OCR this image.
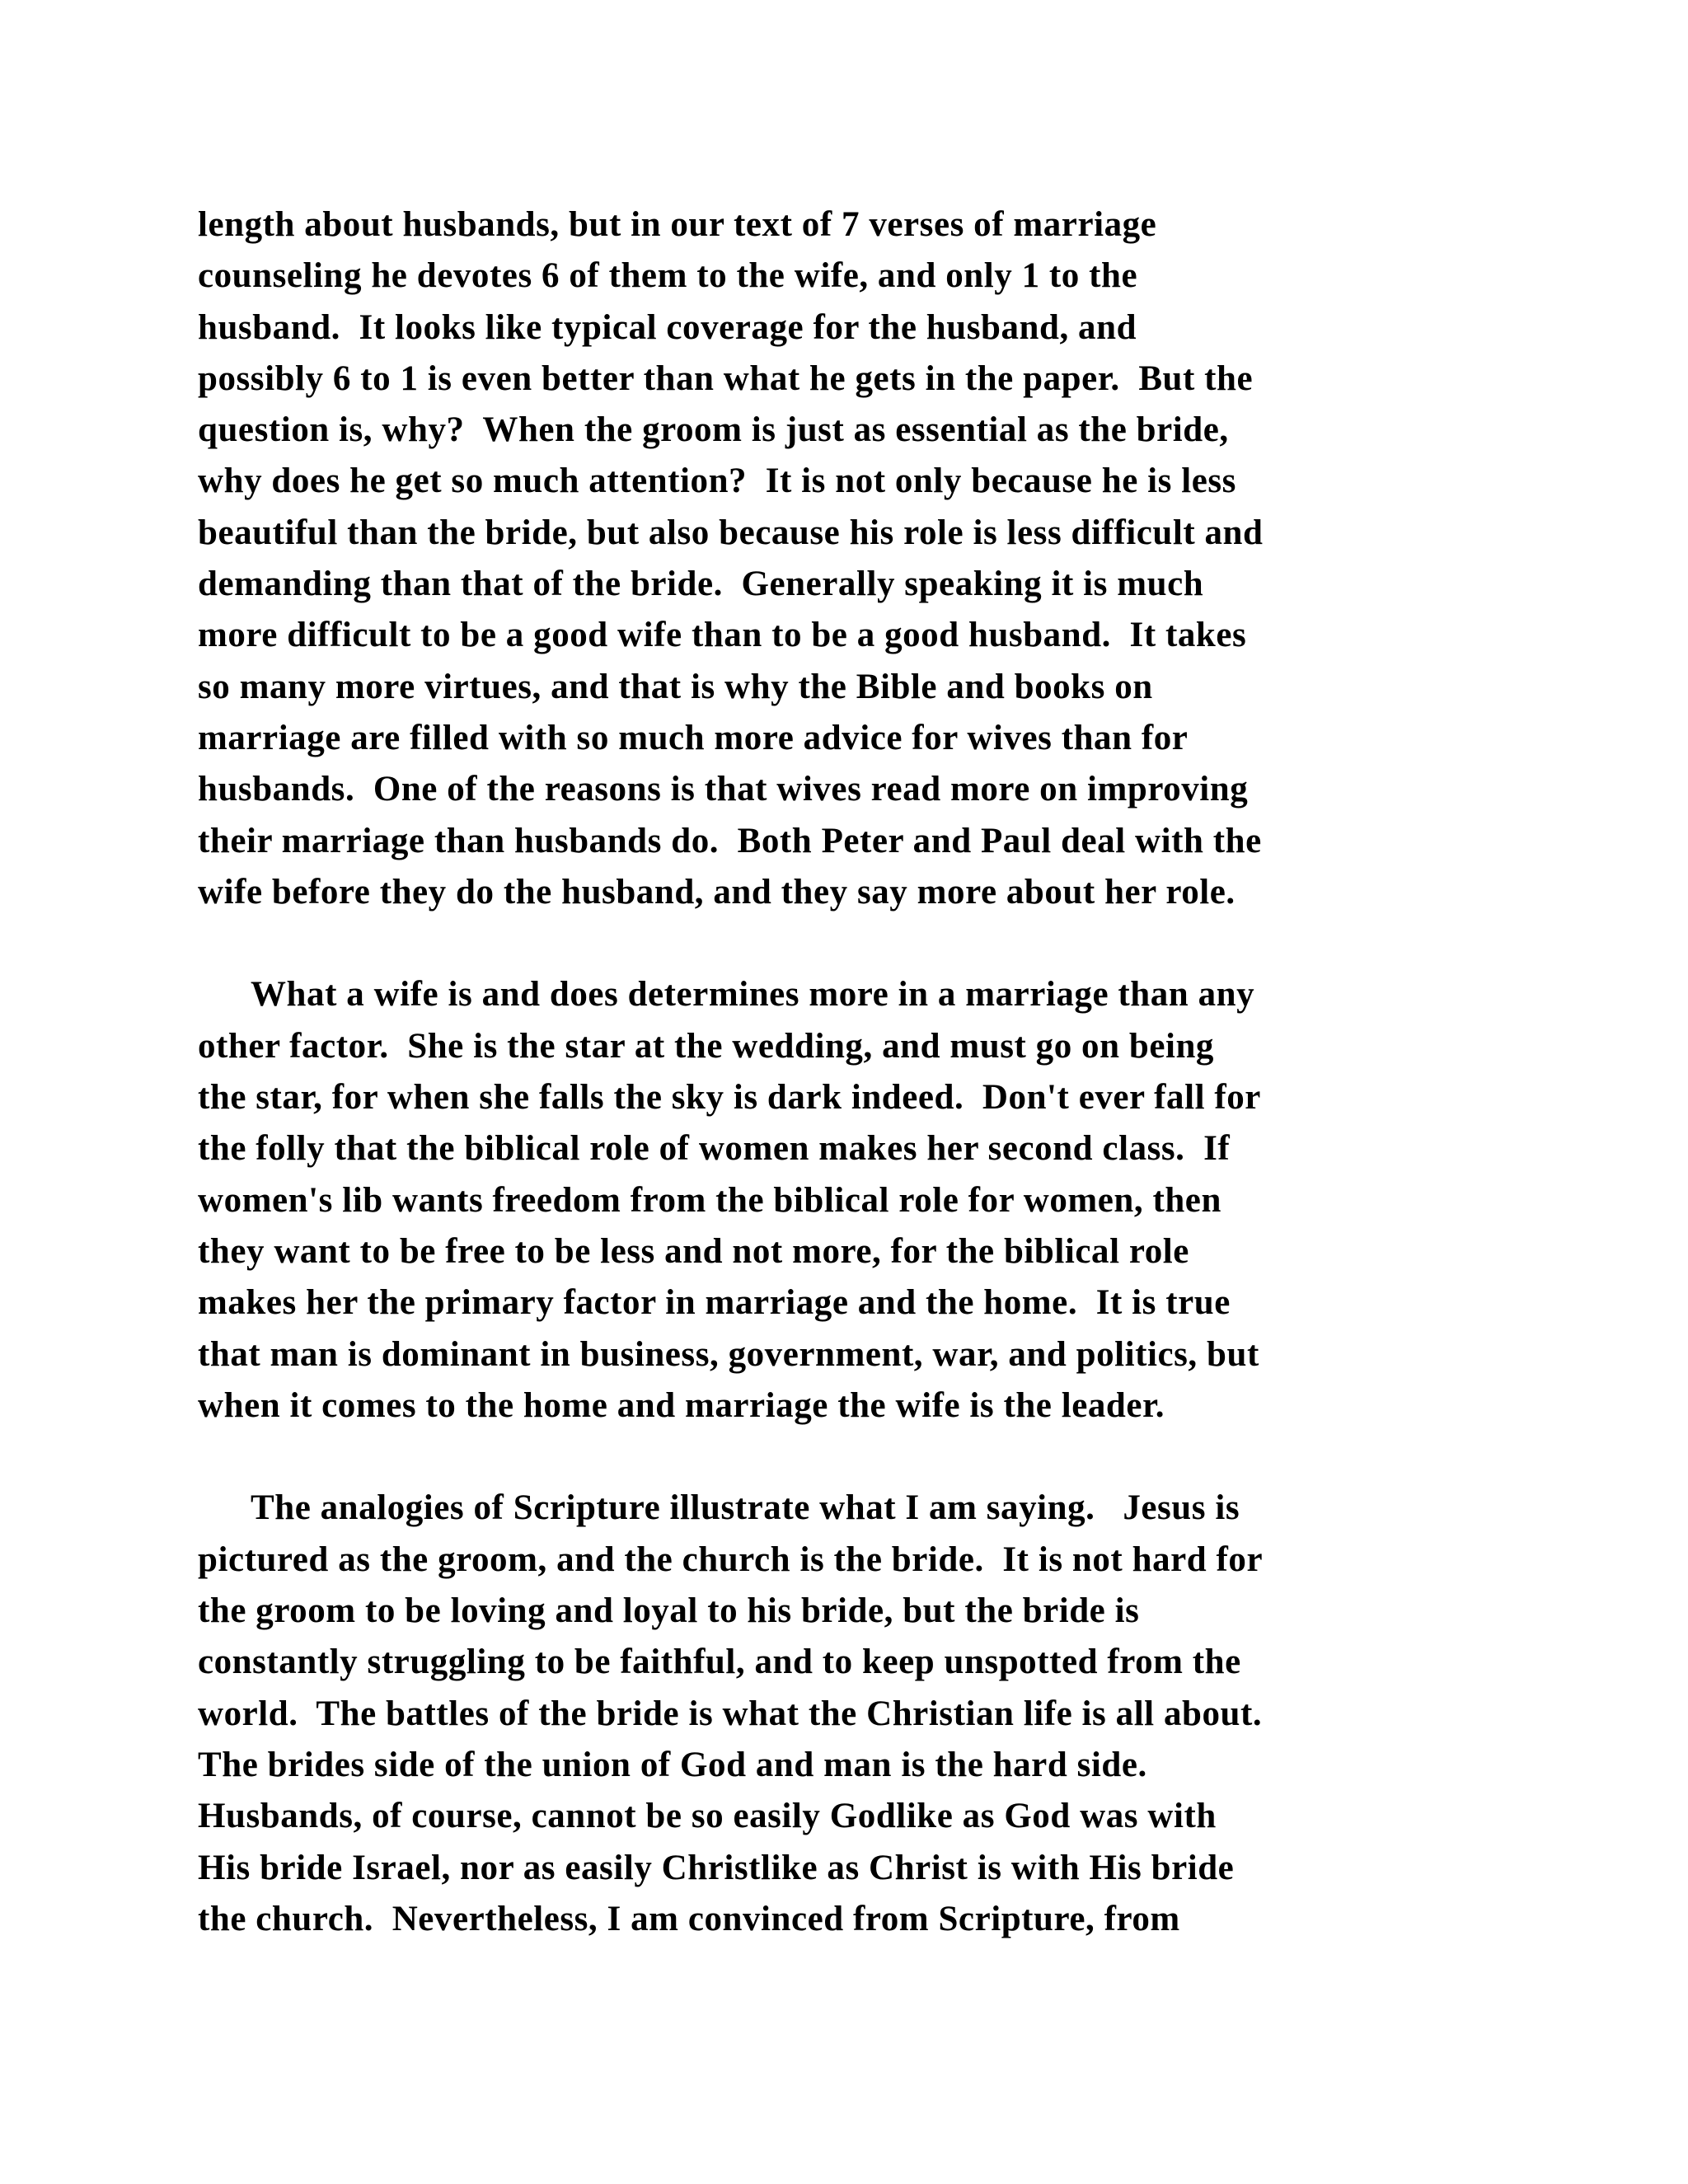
length about husbands, but in our text of 7 verses of marriage
counseling he devotes 6 of them to the wife, and only 1 to the
husband.  It looks like typical coverage for the husband, and
possibly 6 to 1 is even better than what he gets in the paper.  But the
question is, why?  When the groom is just as essential as the bride,
why does he get so much attention?  It is not only because he is less
beautiful than the bride, but also because his role is less difficult and
demanding than that of the bride.  Generally speaking it is much
more difficult to be a good wife than to be a good husband.  It takes
so many more virtues, and that is why the Bible and books on
marriage are filled with so much more advice for wives than for
husbands.  One of the reasons is that wives read more on improving
their marriage than husbands do.  Both Peter and Paul deal with the
wife before they do the husband, and they say more about her role.
What a wife is and does determines more in a marriage than any
other factor.  She is the star at the wedding, and must go on being
the star, for when she falls the sky is dark indeed.  Don't ever fall for
the folly that the biblical role of women makes her second class.  If
women's lib wants freedom from the biblical role for women, then
they want to be free to be less and not more, for the biblical role
makes her the primary factor in marriage and the home.  It is true
that man is dominant in business, government, war, and politics, but
when it comes to the home and marriage the wife is the leader.
The analogies of Scripture illustrate what I am saying.   Jesus is
pictured as the groom, and the church is the bride.  It is not hard for
the groom to be loving and loyal to his bride, but the bride is
constantly struggling to be faithful, and to keep unspotted from the
world.  The battles of the bride is what the Christian life is all about.
The brides side of the union of God and man is the hard side.
Husbands, of course, cannot be so easily Godlike as God was with
His bride Israel, nor as easily Christlike as Christ is with His bride
the church.  Nevertheless, I am convinced from Scripture, from
